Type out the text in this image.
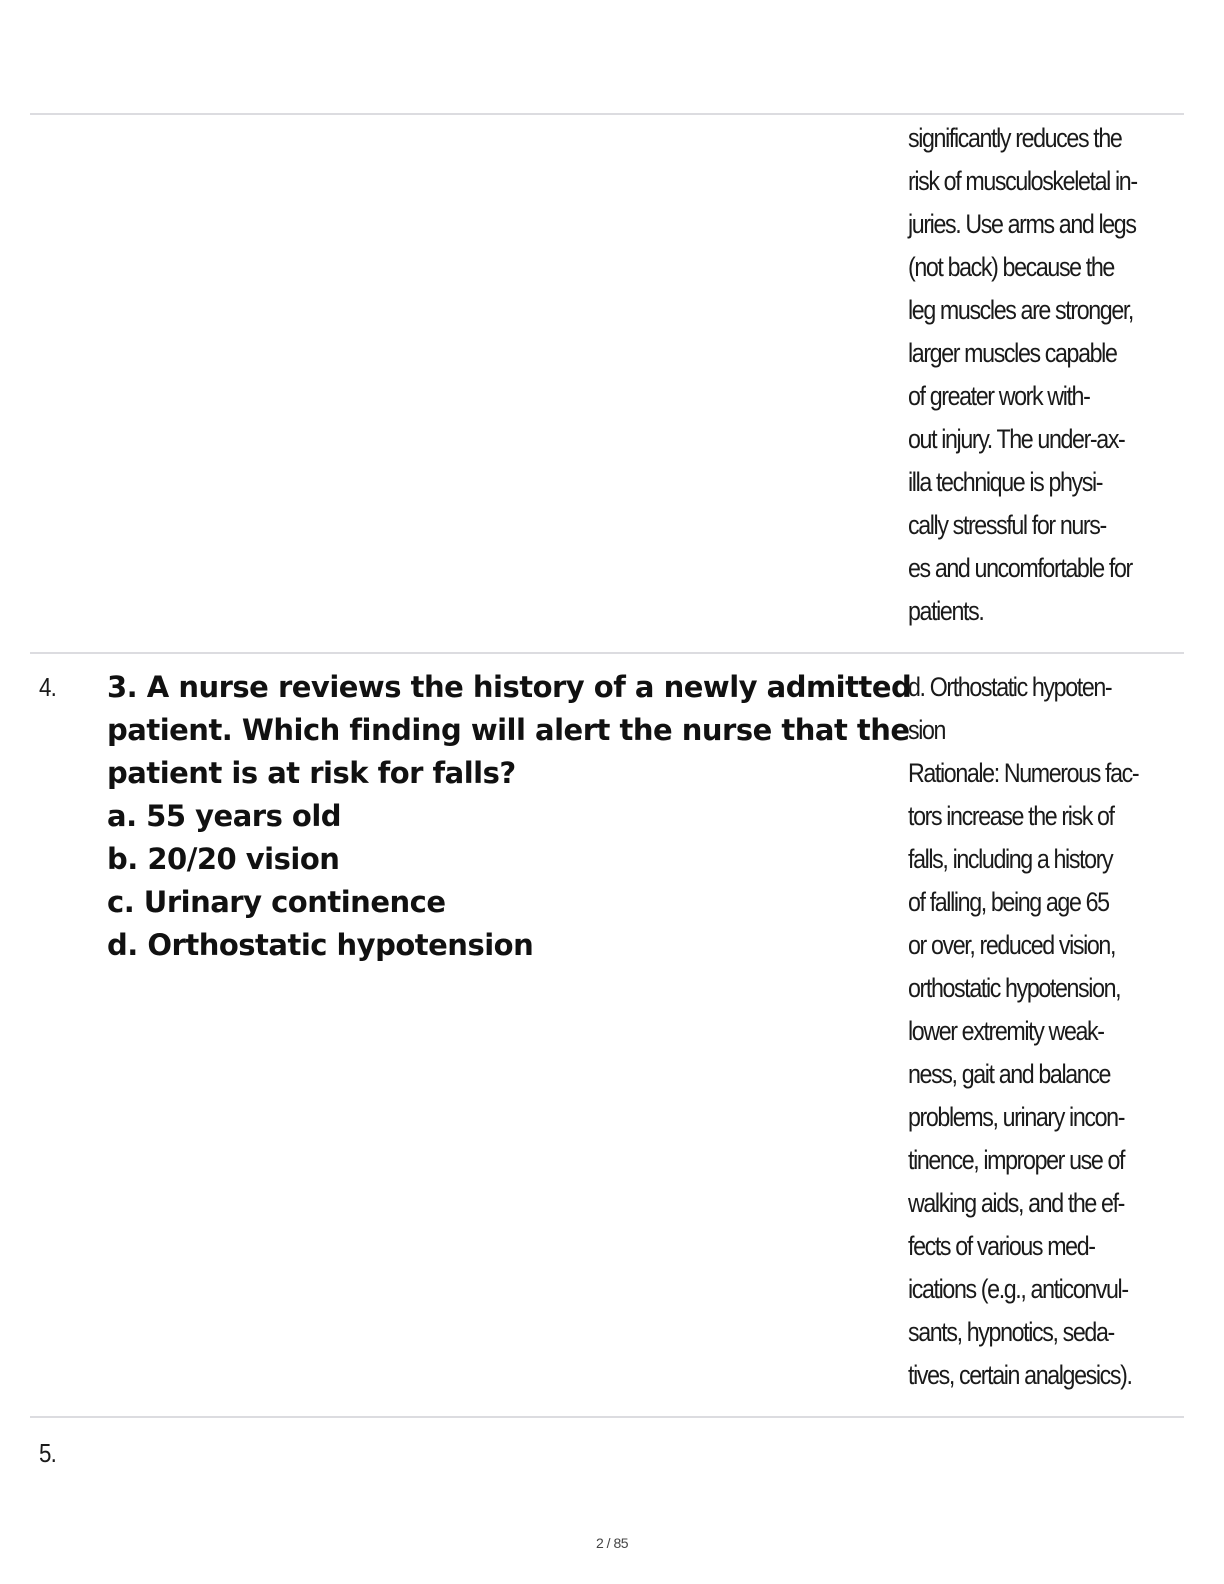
significantly reduces the
risk of musculoskeletal in-
juries. Use arms and legs
(not back) because the
leg muscles are stronger,
larger muscles capable
of greater work with-
out injury. The under-ax-
illa technique is physi-
cally stressful for nurs-
es and uncomfortable for
patients.
4. 3. A nurse reviews the history of a newly admitted
patient. Which finding will alert the nurse that the
patient is at risk for falls?
a. 55 years old
b. 20/20 vision
c. Urinary continence
d. Orthostatic hypotension
d. Orthostatic hypoten-
sion
Rationale: Numerous fac-
tors increase the risk of
falls, including a history
of falling, being age 65
or over, reduced vision,
orthostatic hypotension,
lower extremity weak-
ness, gait and balance
problems, urinary incon-
tinence, improper use of
walking aids, and the ef-
fects of various med-
ications (e.g., anticonvul-
sants, hypnotics, seda-
tives, certain analgesics).
5.
2 / 85
